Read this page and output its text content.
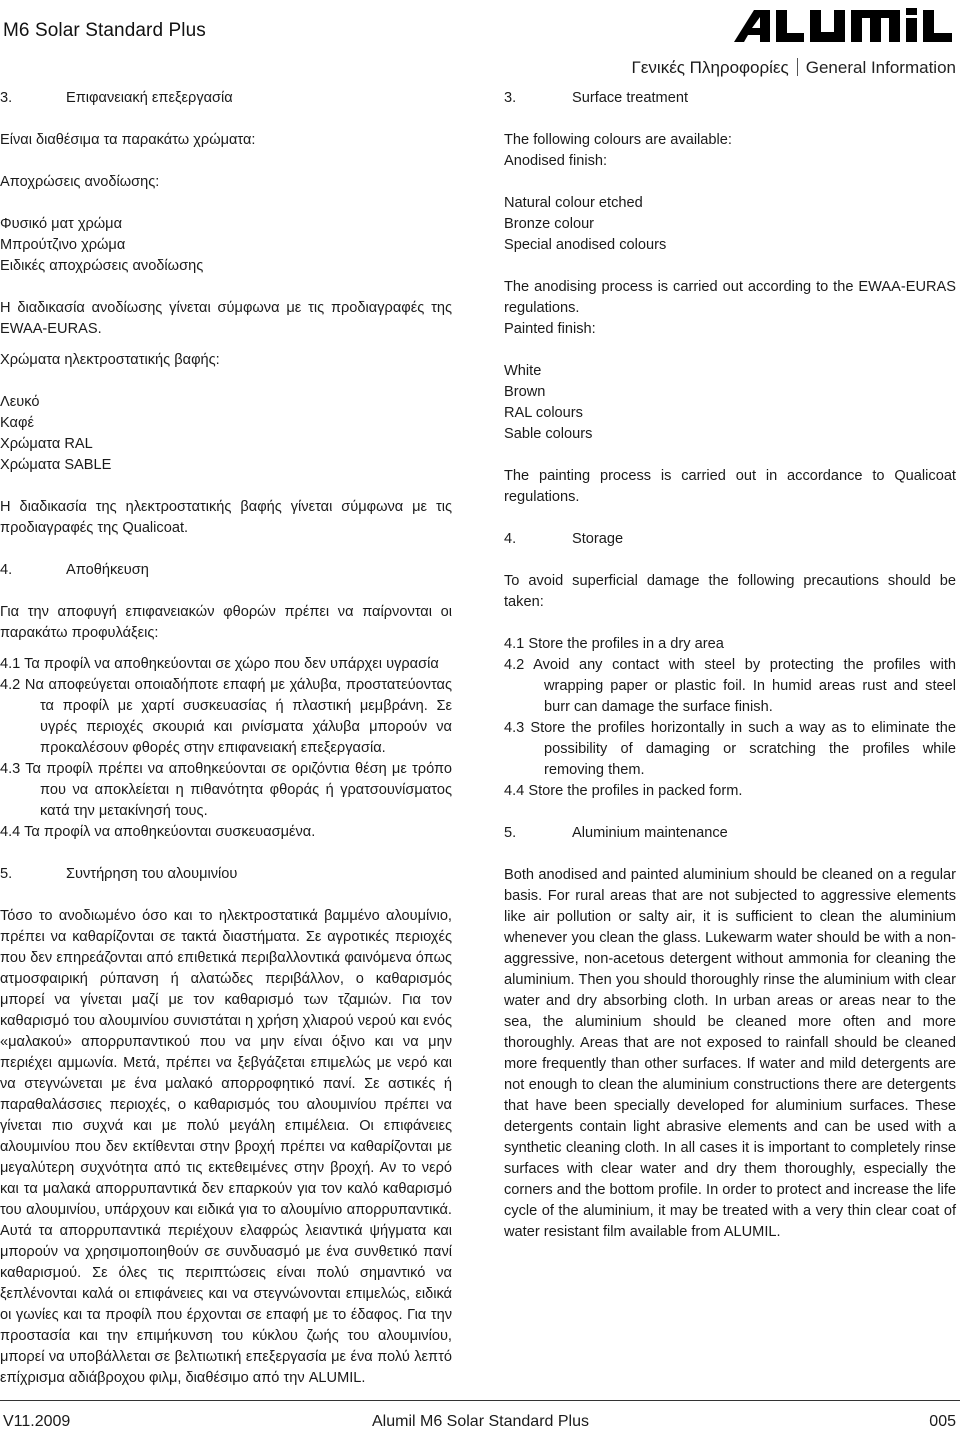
M6 Solar Standard Plus
Γενικές Πληροφορίες General Information
3.	Επιφανειακή επεξεργασία

Είναι διαθέσιμα τα παρακάτω χρώματα:

Αποχρώσεις ανοδίωσης:

Φυσικό ματ χρώμα

Μπρούτζινο χρώμα

Ειδικές αποχρώσεις ανοδίωσης

Η διαδικασία ανοδίωσης γίνεται σύμφωνα με τις προδιαγραφές της EWAA-EURAS.

Χρώματα ηλεκτροστατικής βαφής:

Λευκό

Καφέ

Χρώματα RAL

Χρώματα SABLE

Η διαδικασία της ηλεκτροστατικής βαφής γίνεται σύμφωνα με τις προδιαγραφές της Qualicoat.

4.	Αποθήκευση

Για την αποφυγή επιφανειακών φθορών πρέπει να παίρνονται οι παρακάτω προφυλάξεις:

4.1 Τα προφίλ να αποθηκεύονται σε χώρο που δεν υπάρχει υγρασία

4.2 Να αποφεύγεται οποιαδήποτε επαφή με χάλυβα, προστατεύοντας τα προφίλ με χαρτί συσκευασίας ή πλαστική μεμβράνη. Σε υγρές περιοχές σκουριά και ρινίσματα χάλυβα μπορούν να προκαλέσουν φθορές στην επιφανειακή επεξεργασία.

4.3 Τα προφίλ πρέπει να αποθηκεύονται σε οριζόντια θέση με τρόπο που να αποκλείεται η πιθανότητα φθοράς ή γρατσουνίσματος κατά την μετακίνησή τους.

4.4 Τα προφίλ να αποθηκεύονται συσκευασμένα.

5.	Συντήρηση του αλουμινίου

Τόσο το ανοδιωμένο όσο και το ηλεκτροστατικά βαμμένο αλουμίνιο, πρέπει να καθαρίζονται σε τακτά διαστήματα. Σε αγροτικές περιοχές που δεν επηρεάζονται από επιθετικά περιβαλλοντικά φαινόμενα όπως ατμοσφαιρική ρύπανση ή αλατώδες περιβάλλον, ο καθαρισμός μπορεί να γίνεται μαζί με τον καθαρισμό των τζαμιών. Για τον καθαρισμό του αλουμινίου συνιστάται η χρήση χλιαρού νερού και ενός «μαλακού» απορρυπαντικού που να μην είναι όξινο και να μην περιέχει αμμωνία. Μετά, πρέπει να ξεβγάζεται επιμελώς με νερό και να στεγνώνεται με ένα μαλακό απορροφητικό πανί. Σε αστικές ή παραθαλάσσιες περιοχές, ο καθαρισμός του αλουμινίου πρέπει να γίνεται πιο συχνά και με πολύ μεγάλη επιμέλεια. Οι επιφάνειες αλουμινίου που δεν εκτίθενται στην βροχή πρέπει να καθαρίζονται με μεγαλύτερη συχνότητα από τις εκτεθειμένες στην βροχή. Αν το νερό και τα μαλακά απορρυπαντικά δεν επαρκούν για τον καλό καθαρισμό του αλουμινίου, υπάρχουν και ειδικά για το αλουμίνιο απορρυπαντικά. Αυτά τα απορρυπαντικά περιέχουν ελαφρώς λειαντικά ψήγματα και μπορούν να χρησιμοποιηθούν σε συνδυασμό με ένα συνθετικό πανί καθαρισμού. Σε όλες τις περιπτώσεις είναι πολύ σημαντικό να ξεπλένονται καλά οι επιφάνειες και να στεγνώνονται επιμελώς, ειδικά οι γωνίες και τα προφίλ που έρχονται σε επαφή με το έδαφος. Για την προστασία και την επιμήκυνση του κύκλου ζωής του αλουμινίου, μπορεί να υποβάλλεται σε βελτιωτική επεξεργασία με ένα πολύ λεπτό επίχρισμα αδιάβροχου φιλμ, διαθέσιμο από την ALUMIL.

3.	Surface treatment

The following colours are available:

Anodised finish:

Natural colour etched

Bronze colour

Special anodised colours

The anodising process is carried out according to the EWAA-EURAS regulations.

Painted finish:

White

Brown

RAL colours

Sable colours

The painting process is carried out in accordance to Qualicoat regulations.

4.	Storage

To avoid superficial damage the following precautions should be taken:

4.1 Store the profiles in a dry area

4.2 Avoid any contact with steel by protecting the profiles with wrapping paper or plastic foil. In humid areas rust and steel burr can damage the surface finish.

4.3 Store the profiles horizontally in such a way as to eliminate the possibility of damaging or scratching the profiles while removing them.

4.4 Store the profiles in packed form.

5.	Aluminium maintenance

Both anodised and painted aluminium should be cleaned on a regular basis. For rural areas that are not subjected to aggressive elements like air pollution or salty air, it is sufficient to clean the aluminium whenever you clean the glass. Lukewarm water should be with a non-aggressive, non-acetous detergent without ammonia for cleaning the aluminium. Then you should thoroughly rinse the aluminium with clear water and dry absorbing cloth. In urban areas or areas near to the sea, the aluminium should be cleaned more often and more thoroughly. Areas that are not exposed to rainfall should be cleaned more frequently than other surfaces. If water and mild detergents are not enough to clean the aluminium constructions there are detergents that have been specially developed for aluminium surfaces. These detergents contain light abrasive elements and can be used with a synthetic cleaning cloth. In all cases it is important to completely rinse surfaces with clear water and dry them thoroughly, especially the corners and the bottom profile. In order to protect and increase the life cycle of the aluminium, it may be treated with a very thin clear coat of water resistant film available from ALUMIL.

V11.2009	Alumil M6 Solar Standard Plus	005
